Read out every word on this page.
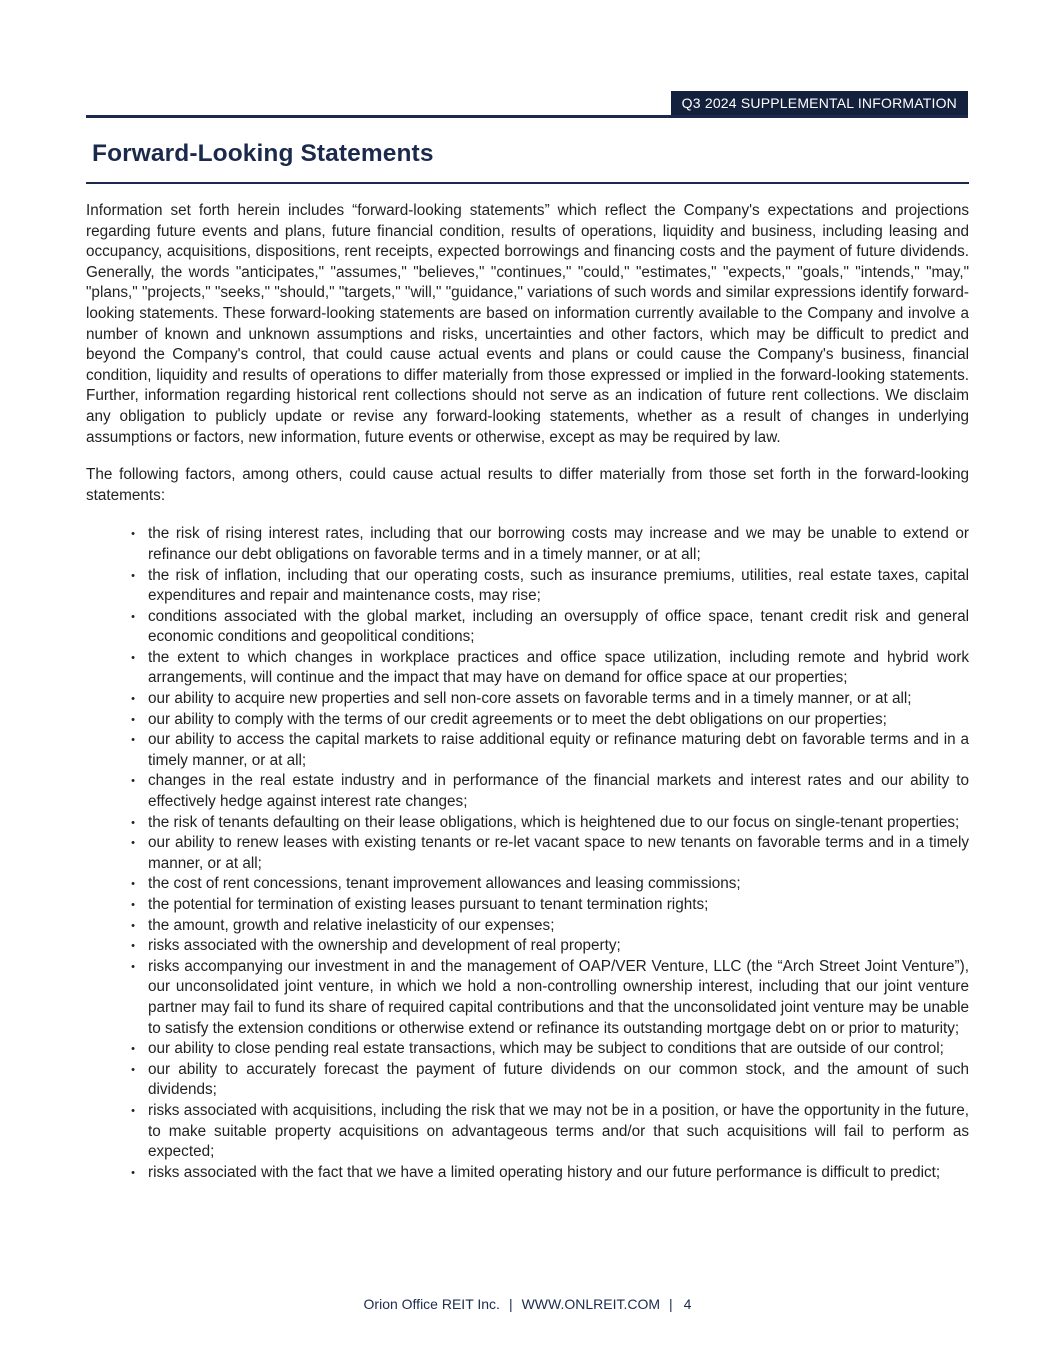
Q3 2024 SUPPLEMENTAL INFORMATION
Forward-Looking Statements

Information set forth herein includes “forward-looking statements” which reflect the Company's expectations and projections regarding future events and plans, future financial condition, results of operations, liquidity and business, including leasing and occupancy, acquisitions, dispositions, rent receipts, expected borrowings and financing costs and the payment of future dividends. Generally, the words "anticipates," "assumes," "believes," "continues," "could," "estimates," "expects," "goals," "intends," "may," "plans," "projects," "seeks," "should," "targets," "will," "guidance," variations of such words and similar expressions identify forward-looking statements. These forward-looking statements are based on information currently available to the Company and involve a number of known and unknown assumptions and risks, uncertainties and other factors, which may be difficult to predict and beyond the Company's control, that could cause actual events and plans or could cause the Company's business, financial condition, liquidity and results of operations to differ materially from those expressed or implied in the forward-looking statements. Further, information regarding historical rent collections should not serve as an indication of future rent collections. We disclaim any obligation to publicly update or revise any forward-looking statements, whether as a result of changes in underlying assumptions or factors, new information, future events or otherwise, except as may be required by law.

The following factors, among others, could cause actual results to differ materially from those set forth in the forward-looking statements:

• the risk of rising interest rates, including that our borrowing costs may increase and we may be unable to extend or refinance our debt obligations on favorable terms and in a timely manner, or at all;
• the risk of inflation, including that our operating costs, such as insurance premiums, utilities, real estate taxes, capital expenditures and repair and maintenance costs, may rise;
• conditions associated with the global market, including an oversupply of office space, tenant credit risk and general economic conditions and geopolitical conditions;
• the extent to which changes in workplace practices and office space utilization, including remote and hybrid work arrangements, will continue and the impact that may have on demand for office space at our properties;
• our ability to acquire new properties and sell non-core assets on favorable terms and in a timely manner, or at all;
• our ability to comply with the terms of our credit agreements or to meet the debt obligations on our properties;
• our ability to access the capital markets to raise additional equity or refinance maturing debt on favorable terms and in a timely manner, or at all;
• changes in the real estate industry and in performance of the financial markets and interest rates and our ability to effectively hedge against interest rate changes;
• the risk of tenants defaulting on their lease obligations, which is heightened due to our focus on single-tenant properties;
• our ability to renew leases with existing tenants or re-let vacant space to new tenants on favorable terms and in a timely manner, or at all;
• the cost of rent concessions, tenant improvement allowances and leasing commissions;
• the potential for termination of existing leases pursuant to tenant termination rights;
• the amount, growth and relative inelasticity of our expenses;
• risks associated with the ownership and development of real property;
• risks accompanying our investment in and the management of OAP/VER Venture, LLC (the “Arch Street Joint Venture”), our unconsolidated joint venture, in which we hold a non-controlling ownership interest, including that our joint venture partner may fail to fund its share of required capital contributions and that the unconsolidated joint venture may be unable to satisfy the extension conditions or otherwise extend or refinance its outstanding mortgage debt on or prior to maturity;
• our ability to close pending real estate transactions, which may be subject to conditions that are outside of our control;
• our ability to accurately forecast the payment of future dividends on our common stock, and the amount of such dividends;
• risks associated with acquisitions, including the risk that we may not be in a position, or have the opportunity in the future, to make suitable property acquisitions on advantageous terms and/or that such acquisitions will fail to perform as expected;
• risks associated with the fact that we have a limited operating history and our future performance is difficult to predict;
Orion Office REIT Inc. | WWW.ONLREIT.COM | 4
